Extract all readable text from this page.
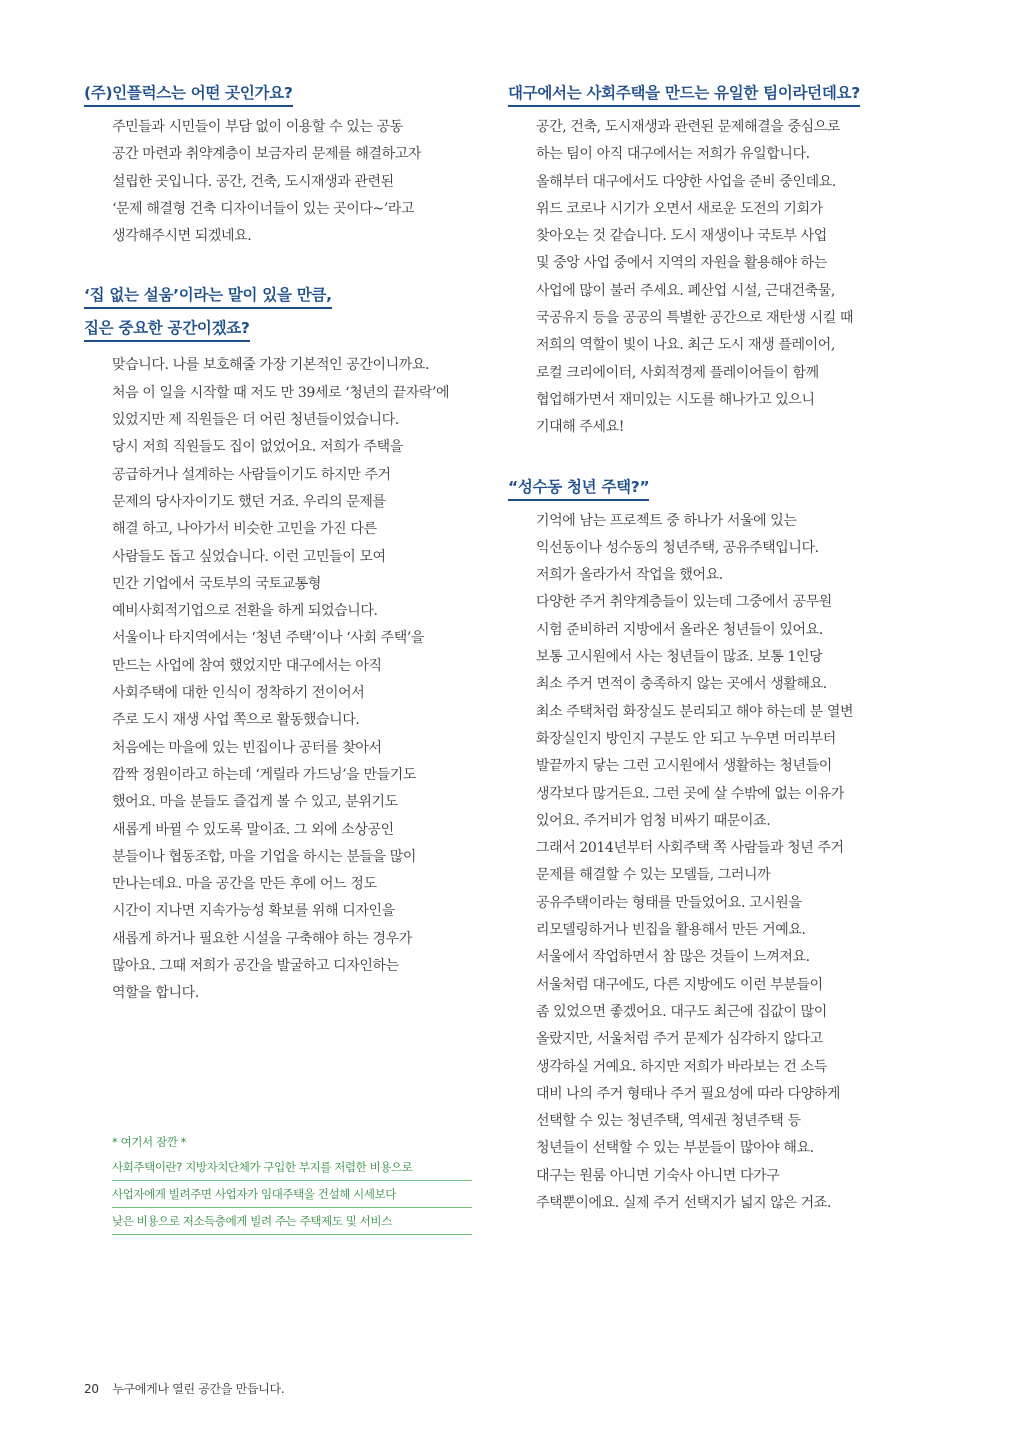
(주)인플럭스는 어떤 곳인가요?

주민들과 시민들이 부담 없이 이용할 수 있는 공동
공간 마련과 취약계층이 보금자리 문제를 해결하고자
설립한 곳입니다. 공간, 건축, 도시재생과 관련된
‘문제 해결형 건축 디자이너들이 있는 곳이다~’라고
생각해주시면 되겠네요.

‘집 없는 설움’이라는 말이 있을 만큼,
집은 중요한 공간이겠죠?

맞습니다. 나를 보호해줄 가장 기본적인 공간이니까요.
처음 이 일을 시작할 때 저도 만 39세로 ‘청년의 끝자락’에
있었지만 제 직원들은 더 어린 청년들이었습니다.
당시 저희 직원들도 집이 없었어요. 저희가 주택을
공급하거나 설계하는 사람들이기도 하지만 주거
문제의 당사자이기도 했던 거죠. 우리의 문제를
해결 하고, 나아가서 비슷한 고민을 가진 다른
사람들도 돕고 싶었습니다. 이런 고민들이 모여
민간 기업에서 국토부의 국토교통형
예비사회적기업으로 전환을 하게 되었습니다.
서울이나 타지역에서는 ‘청년 주택’이나 ‘사회 주택’을
만드는 사업에 참여 했었지만 대구에서는 아직
사회주택에 대한 인식이 정착하기 전이어서
주로 도시 재생 사업 쪽으로 활동했습니다.
처음에는 마을에 있는 빈집이나 공터를 찾아서
깜짝 정원이라고 하는데 ‘게릴라 가드닝’을 만들기도
했어요. 마을 분들도 즐겁게 볼 수 있고, 분위기도
새롭게 바뀔 수 있도록 말이죠. 그 외에 소상공인
분들이나 협동조합, 마을 기업을 하시는 분들을 많이
만나는데요. 마을 공간을 만든 후에 어느 정도
시간이 지나면 지속가능성 확보를 위해 디자인을
새롭게 하거나 필요한 시설을 구축해야 하는 경우가
많아요. 그때 저희가 공간을 발굴하고 디자인하는
역할을 합니다.

대구에서는 사회주택을 만드는 유일한 팀이라던데요?

공간, 건축, 도시재생과 관련된 문제해결을 중심으로
하는 팀이 아직 대구에서는 저희가 유일합니다.
올해부터 대구에서도 다양한 사업을 준비 중인데요.
위드 코로나 시기가 오면서 새로운 도전의 기회가
찾아오는 것 같습니다. 도시 재생이나 국토부 사업
및 중앙 사업 중에서 지역의 자원을 활용해야 하는
사업에 많이 불러 주세요. 폐산업 시설, 근대건축물,
국공유지 등을 공공의 특별한 공간으로 재탄생 시킬 때
저희의 역할이 빛이 나요. 최근 도시 재생 플레이어,
로컬 크리에이터, 사회적경제 플레이어들이 함께
협업해가면서 재미있는 시도를 해나가고 있으니
기대해 주세요!

“성수동 청년 주택?”

기억에 남는 프로젝트 중 하나가 서울에 있는
익선동이나 성수동의 청년주택, 공유주택입니다.
저희가 올라가서 작업을 했어요.
다양한 주거 취약계층들이 있는데 그중에서 공무원
시험 준비하러 지방에서 올라온 청년들이 있어요.
보통 고시원에서 사는 청년들이 많죠. 보통 1인당
최소 주거 면적이 충족하지 않는 곳에서 생활해요.
최소 주택처럼 화장실도 분리되고 해야 하는데 분 열변
화장실인지 방인지 구분도 안 되고 누우면 머리부터
발끝까지 닿는 그런 고시원에서 생활하는 청년들이
생각보다 많거든요. 그런 곳에 살 수밖에 없는 이유가
있어요. 주거비가 엄청 비싸기 때문이죠.
그래서 2014년부터 사회주택 쪽 사람들과 청년 주거
문제를 해결할 수 있는 모델들, 그러니까
공유주택이라는 형태를 만들었어요. 고시원을
리모델링하거나 빈집을 활용해서 만든 거예요.
서울에서 작업하면서 참 많은 것들이 느껴져요.
서울처럼 대구에도, 다른 지방에도 이런 부분들이
좀 있었으면 좋겠어요. 대구도 최근에 집값이 많이
올랐지만, 서울처럼 주거 문제가 심각하지 않다고
생각하실 거예요. 하지만 저희가 바라보는 건 소득
대비 나의 주거 형태나 주거 필요성에 따라 다양하게
선택할 수 있는 청년주택, 역세권 청년주택 등
청년들이 선택할 수 있는 부분들이 많아야 해요.
대구는 원룸 아니면 기숙사 아니면 다가구
주택뿐이에요. 실제 주거 선택지가 넓지 않은 거죠.

* 여기서 잠깐 *
사회주택이란? 지방자치단체가 구입한 부지를 저렴한 비용으로
사업자에게 빌려주면 사업자가 임대주택을 건설해 시세보다
낮은 비용으로 저소득층에게 빌려 주는 주택제도 및 서비스
20 누구에게나 열린 공간을 만듭니다.
